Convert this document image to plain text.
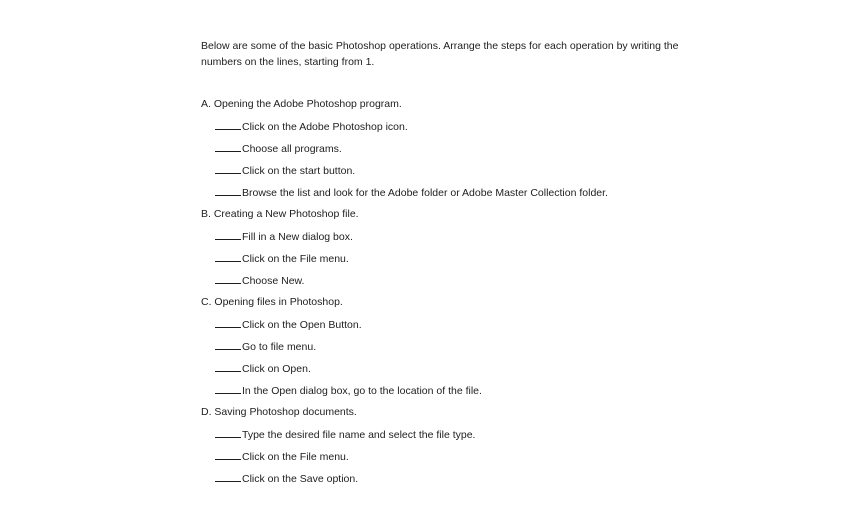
Below are some of the basic Photoshop operations. Arrange the steps for each operation by writing the numbers on the lines, starting from 1.
A. Opening the Adobe Photoshop program.
Click on the Adobe Photoshop icon.
Choose all programs.
Click on the start button.
Browse the list and look for the Adobe folder or Adobe Master Collection folder.
B. Creating a New Photoshop file.
Fill in a New dialog box.
Click on the File menu.
Choose New.
C. Opening files in Photoshop.
Click on the Open Button.
Go to file menu.
Click on Open.
In the Open dialog box, go to the location of the file.
D. Saving Photoshop documents.
Type the desired file name and select the file type.
Click on the File menu.
Click on the Save option.
